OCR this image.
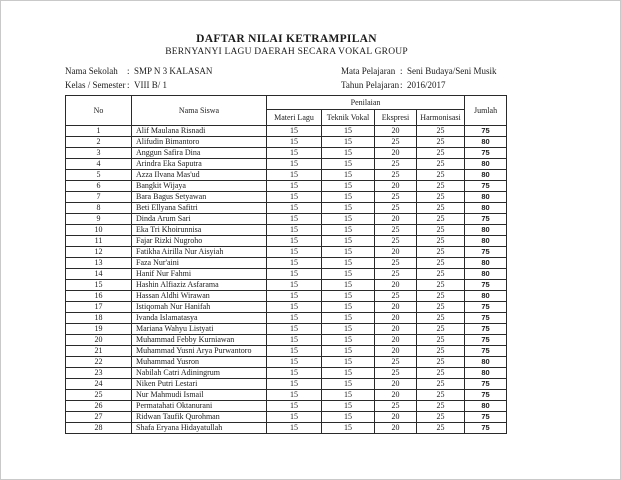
DAFTAR NILAI KETRAMPILAN
BERNYANYI LAGU DAERAH SECARA VOKAL GROUP
Nama Sekolah	: SMP N 3 KALASAN
Kelas / Semester : VIII B/ 1
Mata Pelajaran : Seni Budaya/Seni Musik
Tahun Pelajaran : 2016/2017
No	Nama Siswa	Penilaian				Jumlah
		Materi Lagu	Teknik Vokal	Ekspresi	Harmonisasi	
1	Alif Maulana Risnadi	15	15	20	25	75
2	Alifudin Bimantoro	15	15	25	25	80
3	Anggun Safira Dina	15	15	20	25	75
4	Arindra Eka Saputra	15	15	25	25	80
5	Azza Ilvana Mas'ud	15	15	25	25	80
6	Bangkit Wijaya	15	15	20	25	75
7	Bara Bagus Setyawan	15	15	25	25	80
8	Beti Ellyana Safitri	15	15	25	25	80
9	Dinda Arum Sari	15	15	20	25	75
10	Eka Tri Khoirunnisa	15	15	25	25	80
11	Fajar Rizki Nugroho	15	15	25	25	80
12	Fatikha Airilla Nur Aisyiah	15	15	20	25	75
13	Faza Nur'aini	15	15	25	25	80
14	Hanif Nur Fahmi	15	15	25	25	80
15	Hashin Alfiaziz Asfarama	15	15	20	25	75
16	Hassan Aldhi Wirawan	15	15	25	25	80
17	Istiqomah Nur Hanifah	15	15	20	25	75
18	Ivanda Islamatasya	15	15	20	25	75
19	Mariana Wahyu Listyati	15	15	20	25	75
20	Muhammad Febby Kurniawan	15	15	20	25	75
21	Muhammad Yusni Arya Purwantoro	15	15	20	25	75
22	Muhammad Yusron	15	15	25	25	80
23	Nabilah Catri Adiningrum	15	15	25	25	80
24	Niken Putri Lestari	15	15	20	25	75
25	Nur Mahmudi Ismail	15	15	20	25	75
26	Permatahati Oktanurani	15	15	25	25	80
27	Ridwan Taufik Qurohman	15	15	20	25	75
28	Shafa Eryana Hidayatullah	15	15	20	25	75
